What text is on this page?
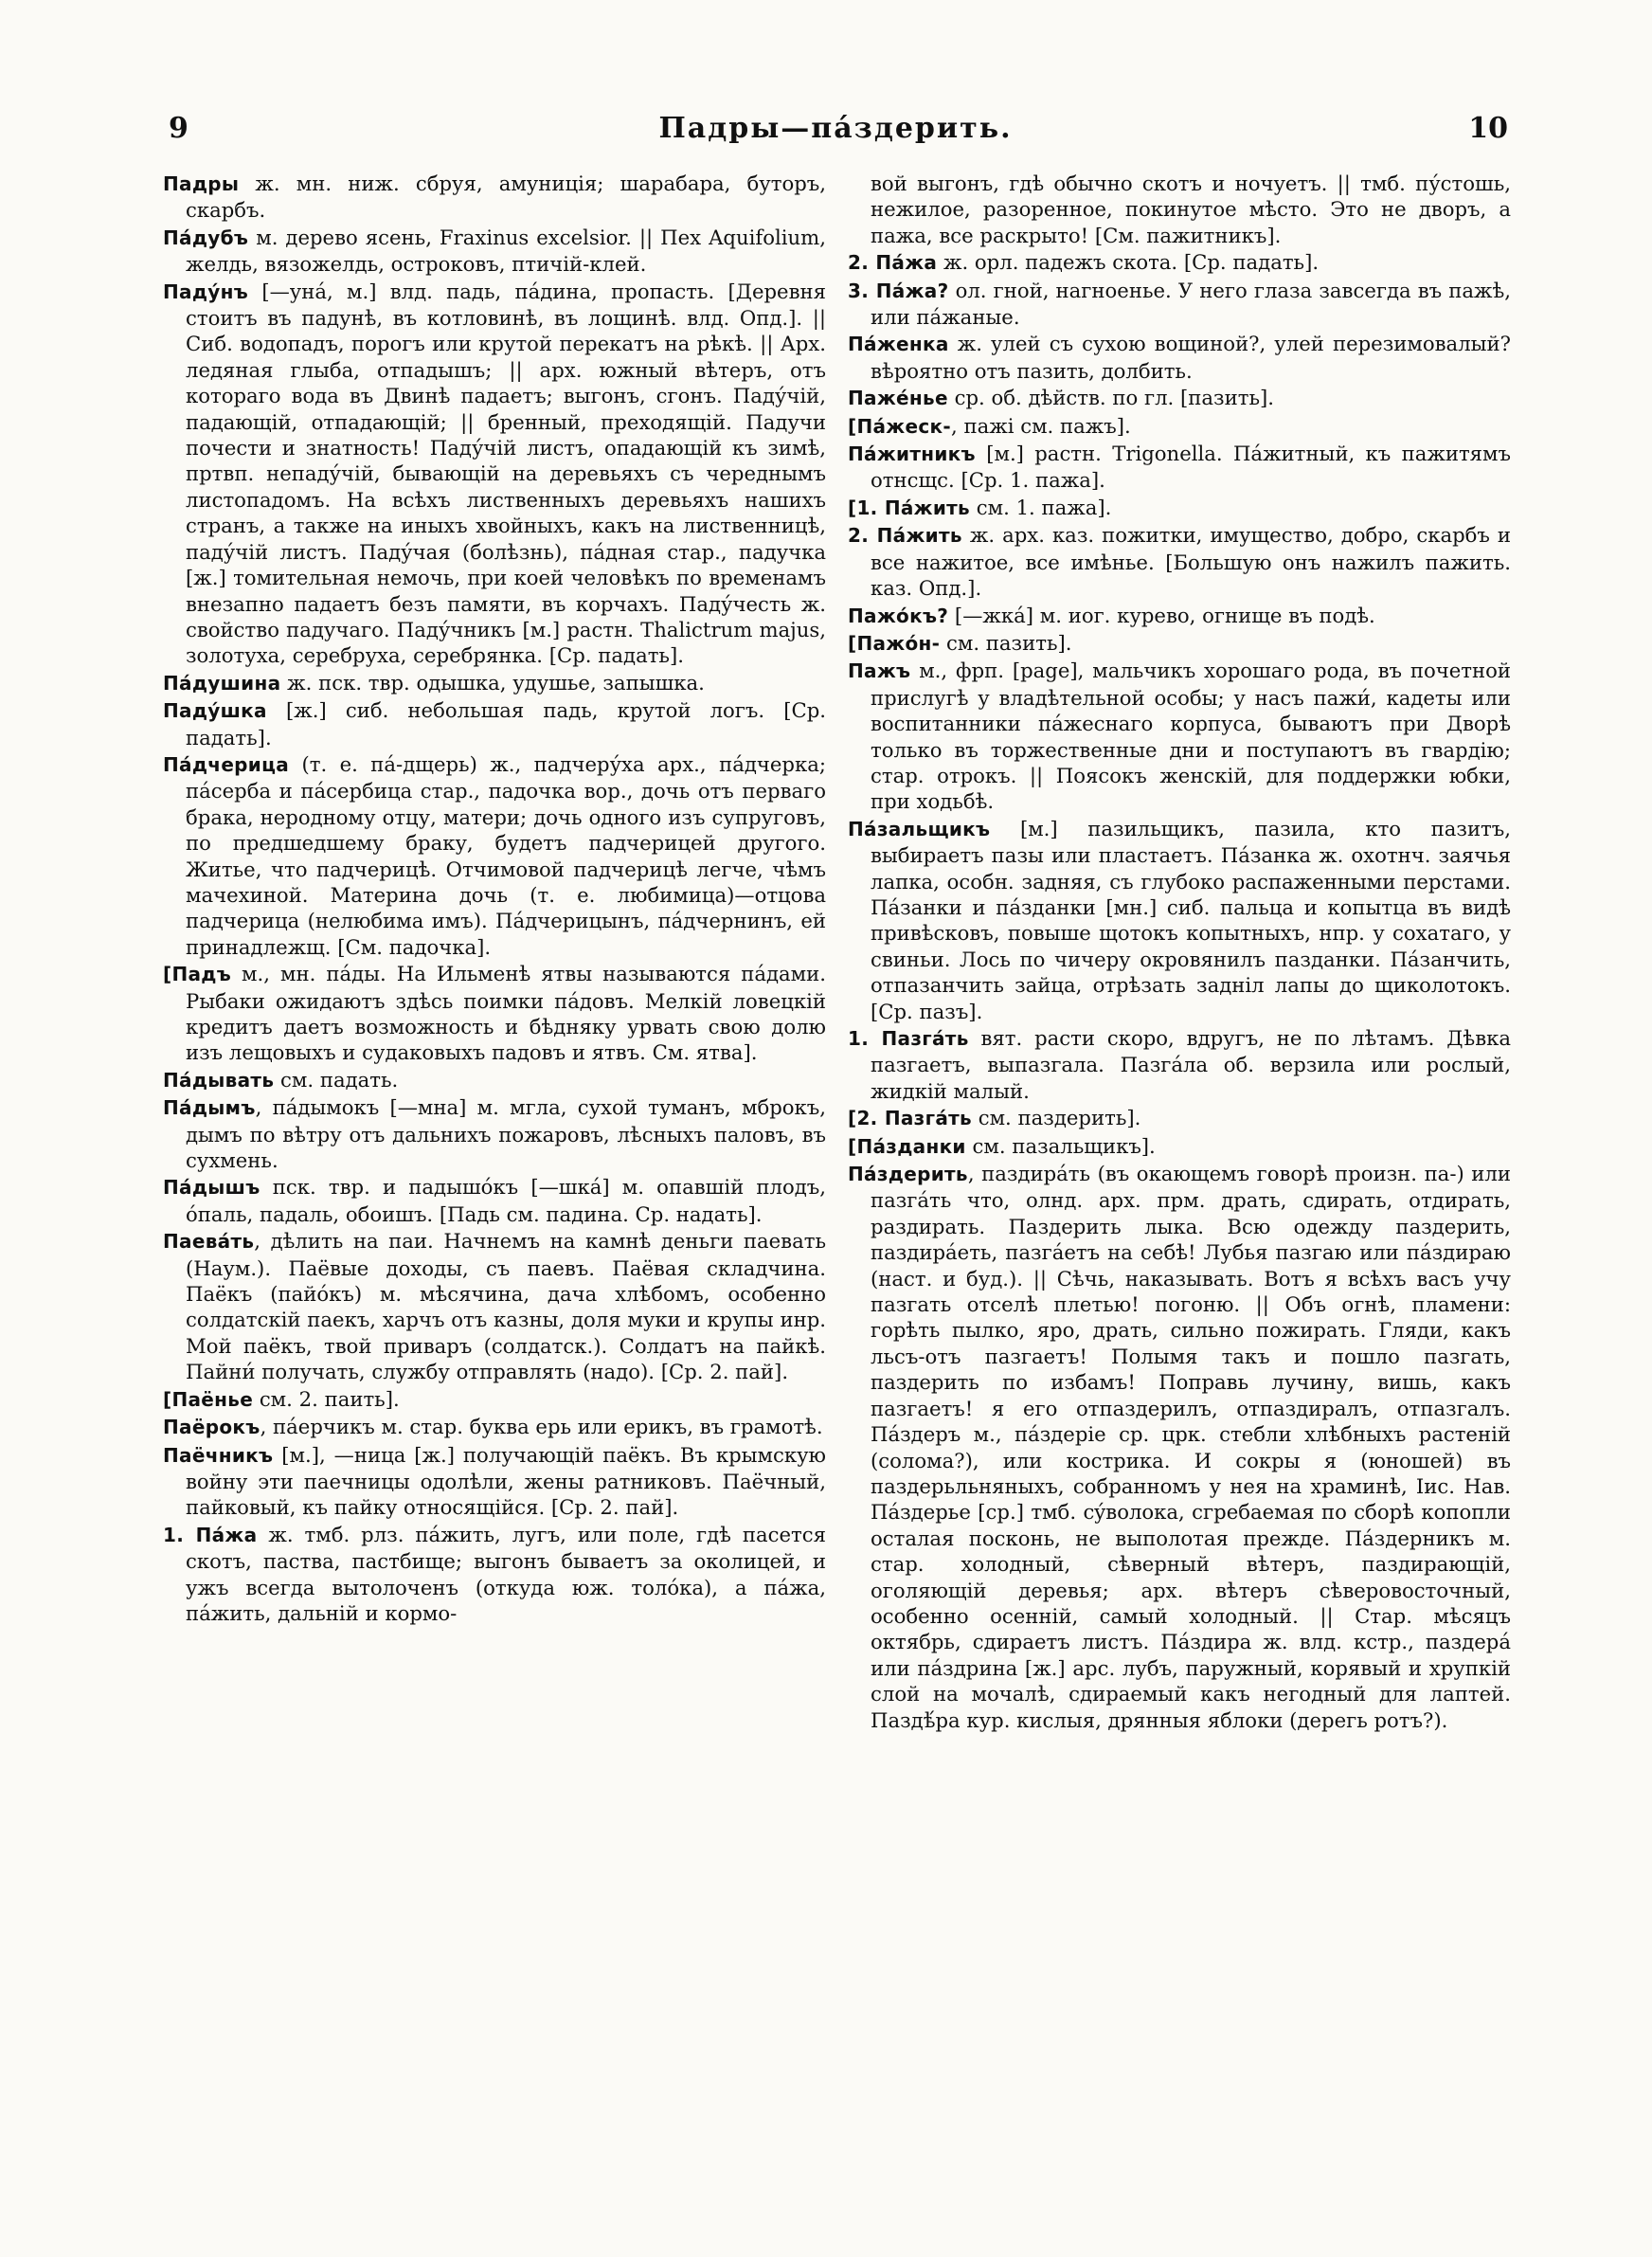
9	Падры—па́здерить.	10
Падры ж. мн. ниж. сбруя, амуниція; шарабара, буторъ, скарбъ.
Па́дубъ м. дерево ясень, Fraxinus excelsior. || Пех Aquifolium, желдь, вязожелдь, остроковъ, птичій-клей.
Паду́нъ [—уна́, м.] влд. падь, па́дина, пропасть. [Деревня стоитъ въ падунѣ, въ котловинѣ, въ лощинѣ. влд. Опд.]. || Сиб. водопадъ, порогъ или крутой перекатъ на рѣкѣ. || Арх. ледяная глыба, отпадышъ; || арх. южный вѣтеръ, отъ котораго вода въ Двинѣ падаетъ; выгонъ, сгонъ. Паду́чій, падающій, отпадающій; || бренный, преходящій. Падучи почести и знатность! Паду́чій листъ, опадающій къ зимѣ, пртвп. непаду́чій, бывающій на деревьяхъ съ череднымъ листопадомъ. На всѣхъ лиственныхъ деревьяхъ нашихъ странъ, а также на иныхъ хвойныхъ, какъ на лиственницѣ, паду́чій листъ. Паду́чая (болѣзнь), па́дная стар., падучка [ж.] томительная немочь, при коей человѣкъ по временамъ внезапно падаетъ безъ памяти, въ корчахъ. Паду́честь ж. свойство падучаго. Паду́чникъ [м.] растн. Thalictrum majus, золотуха, серебруха, серебрянка. [Ср. падать].
Па́душина ж. пск. твр. одышка, удушье, запышка.
Паду́шка [ж.] сиб. небольшая падь, крутой логъ. [Ср. падать].
Па́дчерица (т. е. па́-дщерь) ж., падчеру́ха арх., па́дчерка; па́серба и па́сербица стар., падочка вор., дочь отъ перваго брака, неродному отцу, матери; дочь одного изъ супруговъ, по предшедшему браку, будетъ падчерицей другого. Житье, что падчерицѣ. Отчимовой падчерицѣ легче, чѣмъ мачехиной. Материна дочь (т. е. любимица)—отцова падчерица (нелюбима имъ). Па́дчерицынъ, па́дчернинъ, ей принадлежщ. [См. падочка].
[Падъ м., мн. па́ды. На Ильменѣ ятвы называются па́дами. Рыбаки ожидаютъ здѣсь поимки па́довъ. Мелкій ловецкій кредитъ даетъ возможность и бѣдняку урвать свою долю изъ лещовыхъ и судаковыхъ падовъ и ятвъ. См. ятва].
Па́дывать см. падать.
Па́дымъ, па́дымокъ [—мна] м. мгла, сухой туманъ, мброкъ, дымъ по вѣтру отъ дальнихъ пожаровъ, лѣсныхъ паловъ, въ сухмень.
Па́дышъ пск. твр. и падышо́къ [—шка́] м. опавшій плодъ, о́паль, падаль, обоишъ. [Падь см. падина. Ср. надать].
Паева́ть, дѣлить на паи. Начнемъ на камнѣ деньги паевать (Наум.). Паёвые доходы, съ паевъ. Паёвая складчина. Паёкъ (пайо́къ) м. мѣсячина, дача хлѣбомъ, особенно солдатскій паекъ, харчъ отъ казны, доля муки и крупы инр. Мой паёкъ, твой приваръ (солдатск.). Солдатъ на пайкѣ. Пайни́ получать, службу отправлять (надо). [Ср. 2. пай].
[Паёнье см. 2. паить].
Паёрокъ, па́ерчикъ м. стар. буква ерь или ерикъ, въ грамотѣ.
Паёчникъ [м.], —ница [ж.] получающій паёкъ. Въ крымскую войну эти паечницы одолѣли, жены ратниковъ. Паёчный, пайковый, къ пайку относящійся. [Ср. 2. пай].
1. Па́жа ж. тмб. рлз. па́жить, лугъ, или поле, гдѣ пасется скотъ, паства, пастбище; выгонъ бываетъ за околицей, и ужъ всегда вытолоченъ (откуда юж. толо́ка), а па́жа, па́жить, дальній и кормо-
вой выгонъ, гдѣ обычно скотъ и ночуетъ. || тмб. пу́стошь, нежилое, разоренное, покинутое мѣсто. Это не дворъ, а пажа, все раскрыто! [См. пажитникъ].
2. Па́жа ж. орл. падежъ скота. [Ср. падать].
3. Па́жа? ол. гной, нагноенье. У него глаза завсегда въ пажѣ, или па́жаные.
Па́женка ж. улей съ сухою вощиной?, улей перезимовалый? вѣроятно отъ пазить, долбить.
Паже́нье ср. об. дѣйств. по гл. [пазить].
[Па́жеск-, пажі см. пажъ].
Па́житникъ [м.] растн. Trigonella. Па́житный, къ пажитямъ отнсщс. [Ср. 1. пажа].
[1. Па́жить см. 1. пажа].
2. Па́жить ж. арх. каз. пожитки, имущество, добро, скарбъ и все нажитое, все имѣнье. [Большую онъ нажилъ пажить. каз. Опд.].
Пажо́къ? [—жка́] м. иог. курево, огнище въ подѣ.
[Пажо́н- см. пазить].
Пажъ м., фрп. [page], мальчикъ хорошаго рода, въ почетной прислугѣ у владѣтельной особы; у насъ пажи́, кадеты или воспитанники па́жеснаго корпуса, бываютъ при Дворѣ только въ торжественные дни и поступаютъ въ гвардію; стар. отрокъ. || Поясокъ женскій, для поддержки юбки, при ходьбѣ.
Па́зальщикъ [м.] пазильщикъ, пазила, кто пазитъ, выбираетъ пазы или пластаетъ. Па́занка ж. охотнч. заячья лапка, особн. задняя, съ глубоко распаженными перстами. Па́занки и па́зданки [мн.] сиб. пальца и копытца въ видѣ привѣсковъ, повыше щотокъ копытныхъ, нпр. у сохатаго, у свиньи. Лось по чичеру окровянилъ пазданки. Па́занчить, отпазанчить зайца, отрѣзать задніл лапы до щиколотокъ. [Ср. пазъ].
1. Пазга́ть вят. расти скоро, вдругъ, не по лѣтамъ. Дѣвка пазгаетъ, выпазгала. Пазга́ла об. верзила или рослый, жидкій малый.
[2. Пазга́ть см. паздерить].
[Па́зданки см. пазальщикъ].
Па́здерить, паздира́ть (въ окающемъ говорѣ произн. па-) или пазга́ть что, олнд. арх. прм. драть, сдирать, отдирать, раздирать. Паздерить лыка. Всю одежду паздерить, паздира́еть, пазга́етъ на себѣ! Лубья пазгаю или па́здираю (наст. и буд.). || Сѣчь, наказывать. Вотъ я всѣхъ васъ учу пазгать отселѣ плетью! погоню. || Объ огнѣ, пламени: горѣть пылко, яро, драть, сильно пожирать. Гляди, какъ льсъ-отъ пазгаетъ! Полымя такъ и пошло пазгать, паздерить по избамъ! Поправь лучину, вишь, какъ пазгаетъ! я его отпаздерилъ, отпаздиралъ, отпазгалъ. Па́здеръ м., па́здеріе ср. црк. стебли хлѣбныхъ растеній (солома?), или кострика. И сокры я (юношей) въ паздерьльняныхъ, собранномъ у нея на храминѣ, Іис. Нав. Па́здерье [ср.] тмб. сýволока, сгребаемая по сборѣ копопли осталая посконь, не выполотая прежде. Па́здерникъ м. стар. холодный, сѣверный вѣтеръ, паздирающій, оголяющій деревья; арх. вѣтеръ сѣверовосточный, особенно осенній, самый холодный. || Стар. мѣсяцъ октябрь, сдираетъ листъ. Па́здира ж. влд. кстр., паздера́ или па́здрина [ж.] арс. лубъ, паружный, корявый и хрупкій слой на мочалѣ, сдираемый какъ негодный для лаптей. Паздѣ́ра кур. кислыя, дрянныя яблоки (дерегь ротъ?).
